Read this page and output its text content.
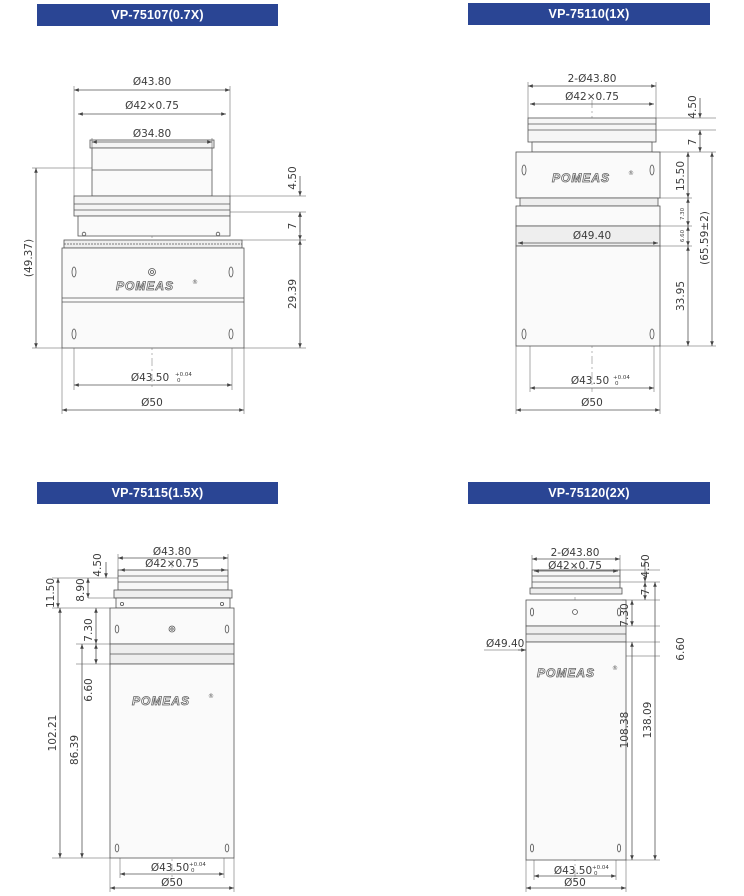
VP-75107(0.7X)	VP-75110(1X)
VP-75115(1.5X)	VP-75120(2X)
Ø43.80
Ø42×0.75
Ø34.80
Ø43.50 +0.04
0
Ø50
4.50
7
29.39
(49.37)
POMEAS	®
2-Ø43.80
Ø42×0.75
Ø49.40
Ø43.50 +0.04
0
Ø50
4.50
7
15.50
7.30
6.60
33.95
(65.59±2)
POMEAS	®
Ø43.80
Ø42×0.75
Ø43.50 +0.04
0
Ø50
4.50
11.50 8.90
7.30
6.60
102.21 86.39
POMEAS	®
2-Ø43.80
Ø42×0.75
Ø49.40
Ø43.50 +0.04
0
Ø50
4.50
7
7.30
6.60
108.38 138.09
POMEAS	®
